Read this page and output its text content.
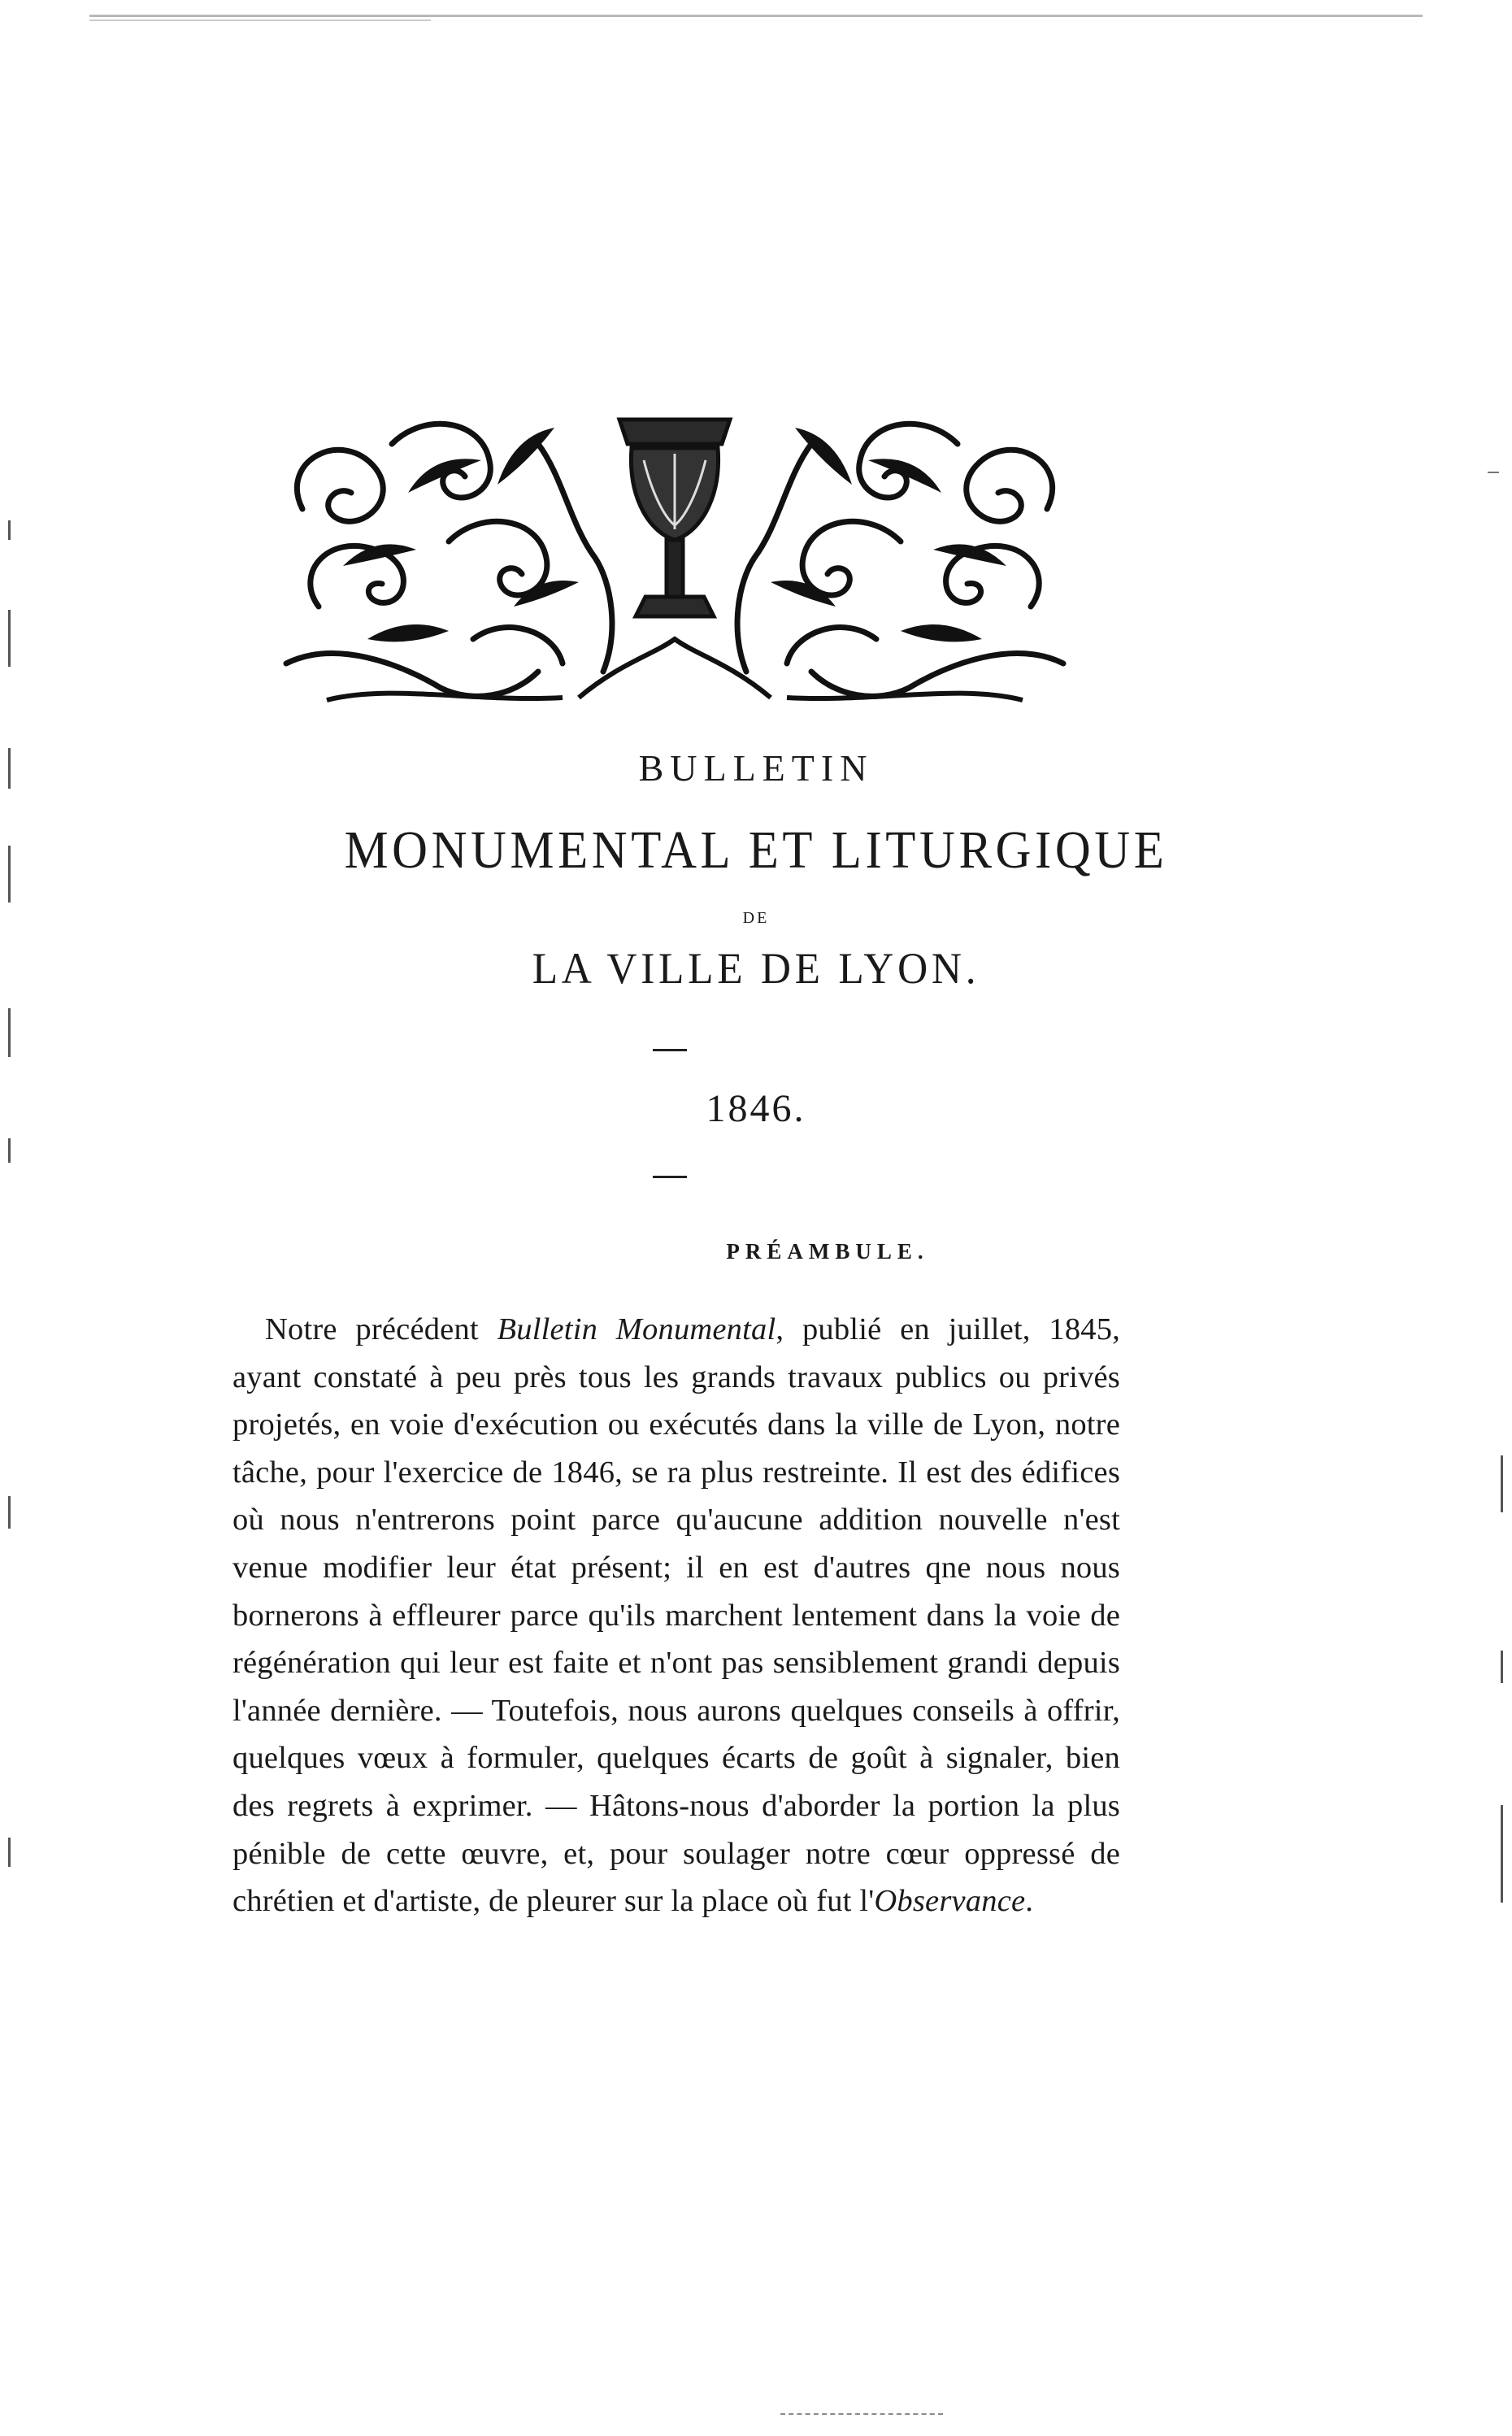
BULLETIN
MONUMENTAL ET LITURGIQUE
DE
LA VILLE DE LYON.
1846.
PRÉAMBULE.

Notre précédent Bulletin Monumental, publié en juillet, 1845, ayant constaté à peu près tous les grands travaux publics ou privés projetés, en voie d'exécution ou exécutés dans la ville de Lyon, notre tâche, pour l'exercice de 1846, se ra plus restreinte. Il est des édifices où nous n'entrerons point parce qu'aucune addition nouvelle n'est venue modifier leur état présent; il en est d'autres qne nous nous bornerons à effleurer parce qu'ils marchent lentement dans la voie de régénération qui leur est faite et n'ont pas sensiblement grandi depuis l'année dernière. — Toutefois, nous aurons quelques conseils à offrir, quelques vœux à formuler, quelques écarts de goût à signaler, bien des regrets à exprimer. — Hâtons-nous d'aborder la portion la plus pénible de cette œuvre, et, pour soulager notre cœur oppressé de chrétien et d'artiste, de pleurer sur la place où fut l'Observance.
